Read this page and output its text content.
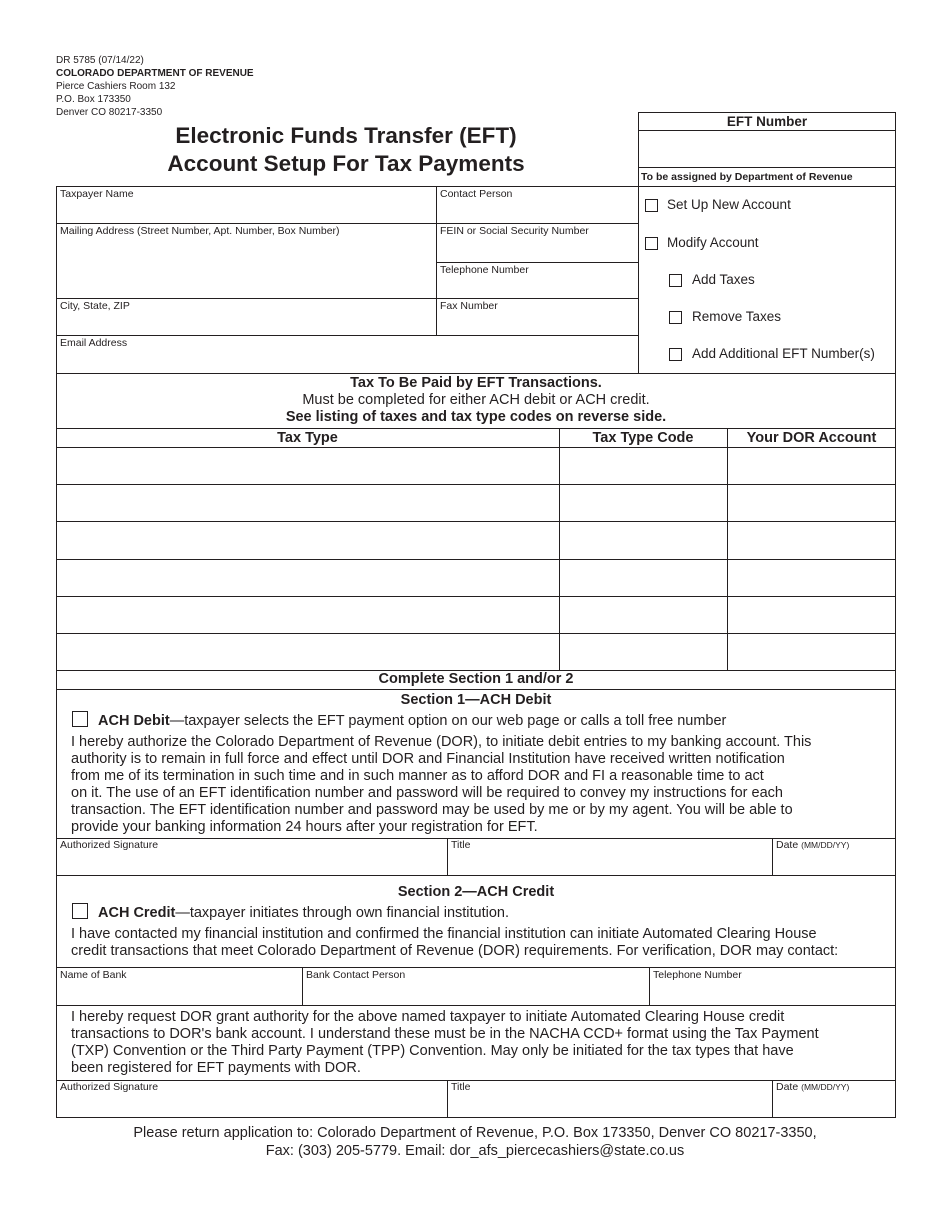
DR 5785 (07/14/22)
COLORADO DEPARTMENT OF REVENUE
Pierce Cashiers Room 132
P.O. Box 173350
Denver CO 80217-3350
Electronic Funds Transfer (EFT)
Account Setup For Tax Payments
EFT Number
To be assigned by Department of Revenue
Taxpayer Name	Contact Person
Mailing Address (Street Number, Apt. Number, Box Number)	FEIN or Social Security Number
Telephone Number
City, State, ZIP	Fax Number
Email Address
Set Up New Account
Modify Account
Add Taxes
Remove Taxes
Add Additional EFT Number(s)
Tax To Be Paid by EFT Transactions.
Must be completed for either ACH debit or ACH credit.
See listing of taxes and tax type codes on reverse side.
Tax Type	Tax Type Code	Your DOR Account
Complete Section 1 and/or 2
Section 1—ACH Debit
ACH Debit—taxpayer selects the EFT payment option on our web page or calls a toll free number
I hereby authorize the Colorado Department of Revenue (DOR), to initiate debit entries to my banking account. This
authority is to remain in full force and effect until DOR and Financial Institution have received written notification
from me of its termination in such time and in such manner as to afford DOR and FI a reasonable time to act
on it. The use of an EFT identification number and password will be required to convey my instructions for each
transaction. The EFT identification number and password may be used by me or by my agent. You will be able to
provide your banking information 24 hours after your registration for EFT.
Authorized Signature	Title	Date (MM/DD/YY)
Section 2—ACH Credit
ACH Credit—taxpayer initiates through own financial institution.
I have contacted my financial institution and confirmed the financial institution can initiate Automated Clearing House
credit transactions that meet Colorado Department of Revenue (DOR) requirements. For verification, DOR may contact:
Name of Bank	Bank Contact Person	Telephone Number
I hereby request DOR grant authority for the above named taxpayer to initiate Automated Clearing House credit
transactions to DOR's bank account. I understand these must be in the NACHA CCD+ format using the Tax Payment
(TXP) Convention or the Third Party Payment (TPP) Convention. May only be initiated for the tax types that have
been registered for EFT payments with DOR.
Authorized Signature	Title	Date (MM/DD/YY)
Please return application to: Colorado Department of Revenue, P.O. Box 173350, Denver CO 80217-3350,
Fax: (303) 205-5779. Email: dor_afs_piercecashiers@state.co.us
